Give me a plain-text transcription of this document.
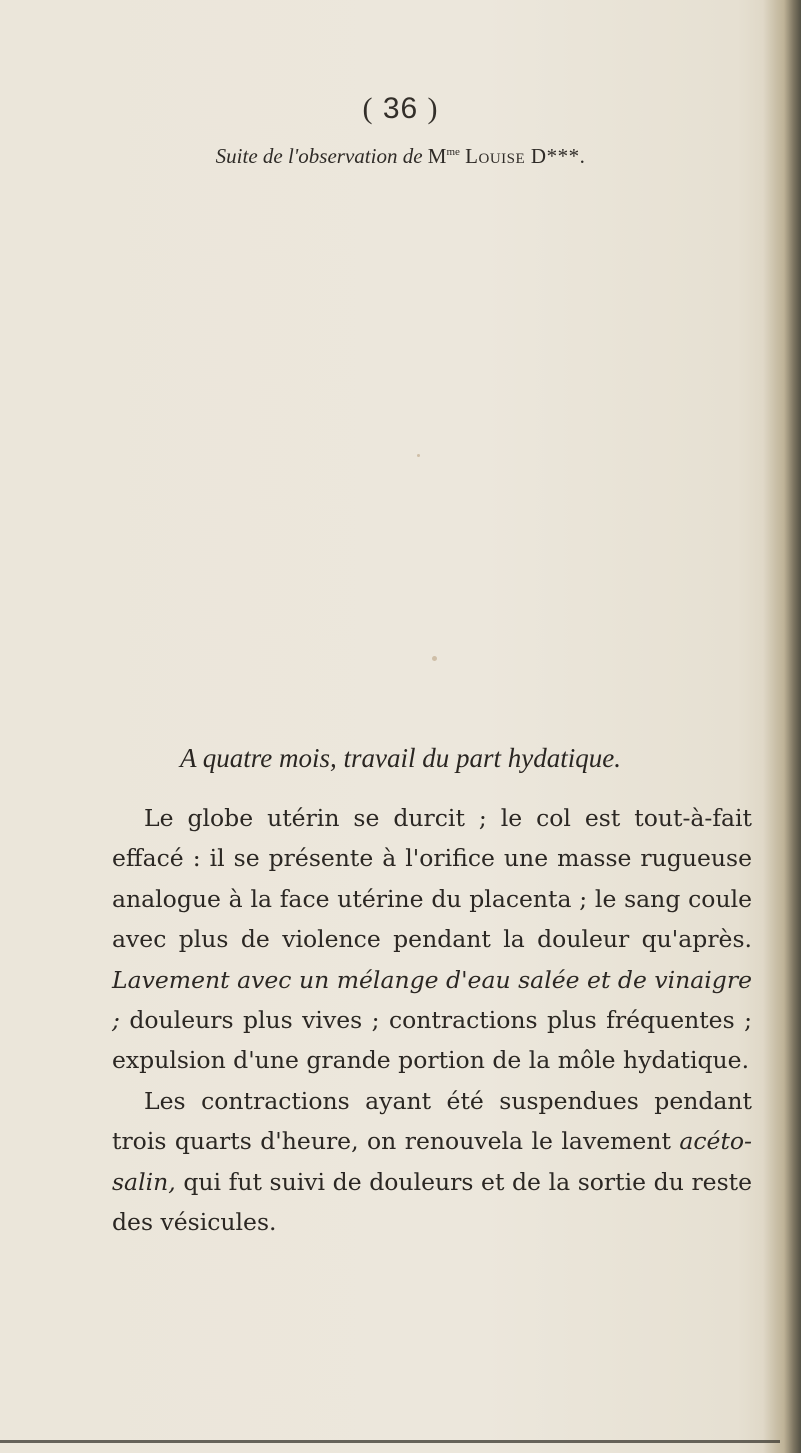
( 36 )
Suite de l'observation de $M^{me}$ Louise D***.
A quatre mois, travail du part hydatique.

Le globe utérin se durcit ; le col est tout-à-fait effacé : il se présente à l'orifice une masse rugueuse analogue à la face utérine du placenta ; le sang coule avec plus de violence pendant la douleur qu'après. Lavement avec un mélange d'eau salée et de vinaigre ; douleurs plus vives ; contractions plus fréquentes ; expulsion d'une grande portion de la môle hydatique.

Les contractions ayant été suspendues pendant trois quarts d'heure, on renouvela le lavement acéto-salin, qui fut suivi de douleurs et de la sortie du reste des vésicules.
